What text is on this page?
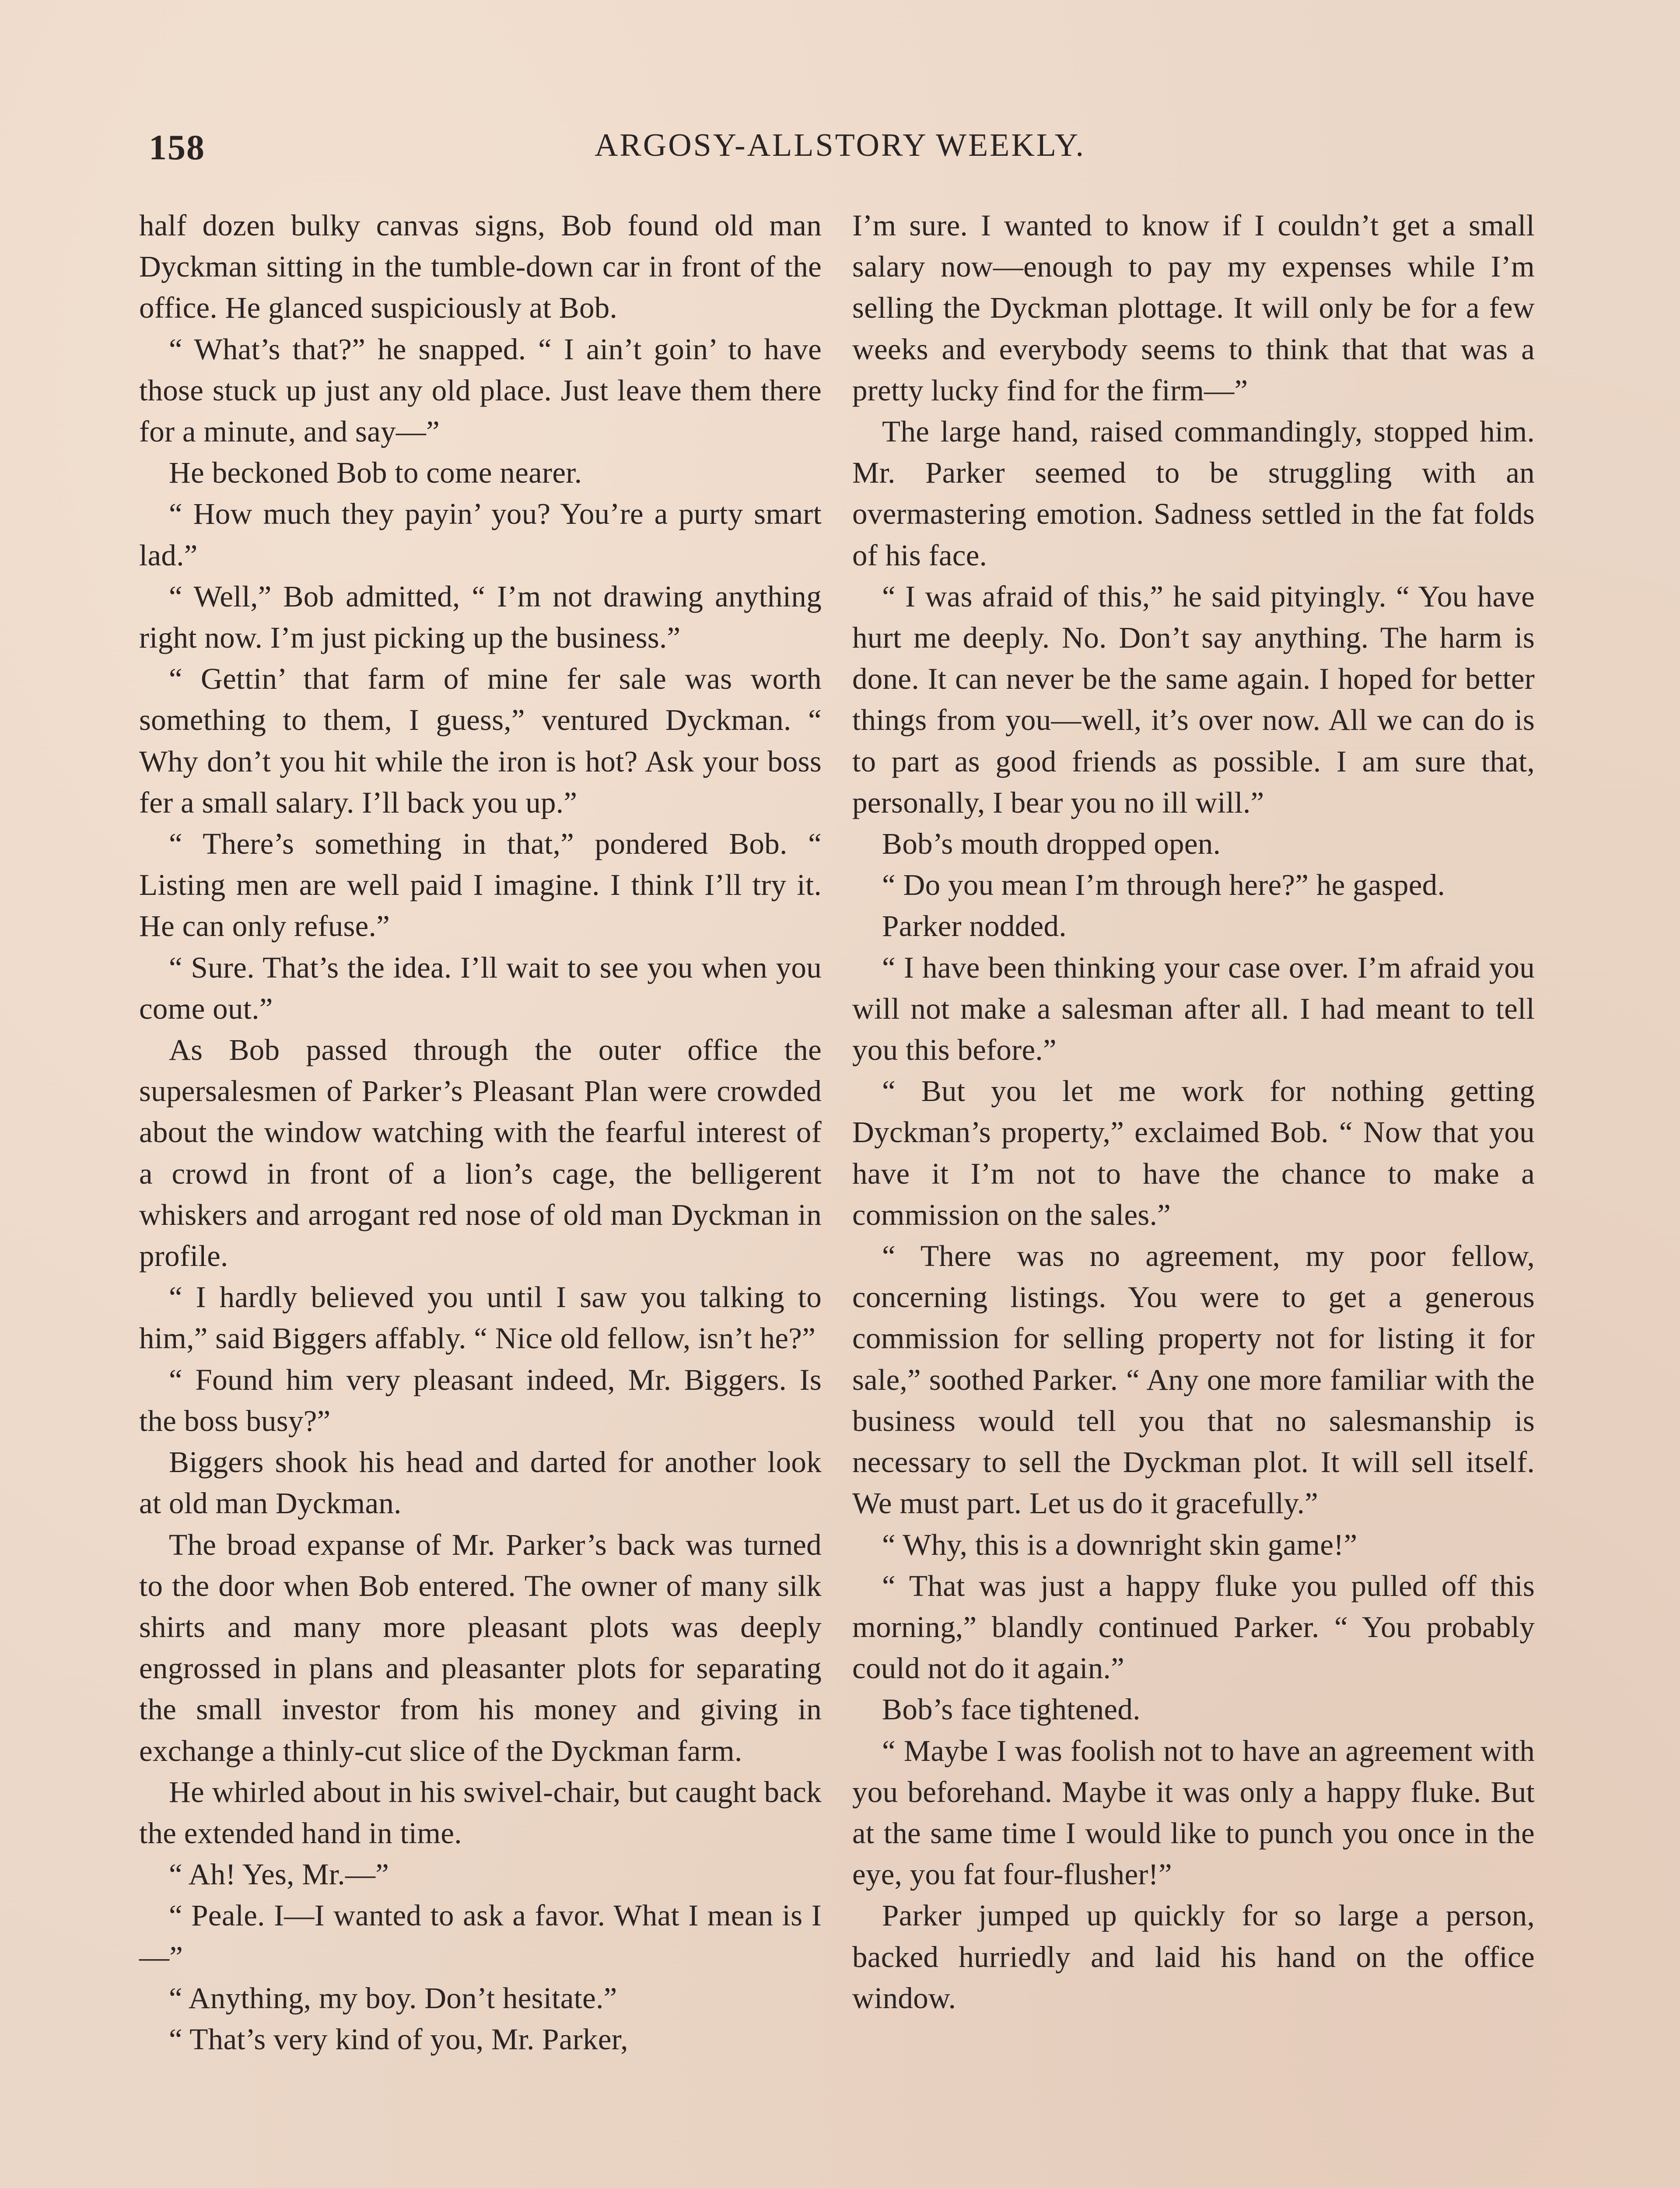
158	ARGOSY-ALLSTORY WEEKLY.

half dozen bulky canvas signs, Bob found old man Dyckman sitting in the tumble-down car in front of the office. He glanced suspiciously at Bob.

“ What’s that?” he snapped. “ I ain’t goin’ to have those stuck up just any old place. Just leave them there for a minute, and say—”

He beckoned Bob to come nearer.

“ How much they payin’ you? You’re a purty smart lad.”

“ Well,” Bob admitted, “ I’m not drawing anything right now. I’m just picking up the business.”

“ Gettin’ that farm of mine fer sale was worth something to them, I guess,” ventured Dyckman. “ Why don’t you hit while the iron is hot? Ask your boss fer a small salary. I’ll back you up.”

“ There’s something in that,” pondered Bob. “ Listing men are well paid I imagine. I think I’ll try it. He can only refuse.”

“ Sure. That’s the idea. I’ll wait to see you when you come out.”

As Bob passed through the outer office the supersalesmen of Parker’s Pleasant Plan were crowded about the window watching with the fearful interest of a crowd in front of a lion’s cage, the belligerent whiskers and arrogant red nose of old man Dyckman in profile.

“ I hardly believed you until I saw you talking to him,” said Biggers affably. “ Nice old fellow, isn’t he?”

“ Found him very pleasant indeed, Mr. Biggers. Is the boss busy?”

Biggers shook his head and darted for another look at old man Dyckman.

The broad expanse of Mr. Parker’s back was turned to the door when Bob entered. The owner of many silk shirts and many more pleasant plots was deeply engrossed in plans and pleasanter plots for separating the small investor from his money and giving in exchange a thinly-cut slice of the Dyckman farm.

He whirled about in his swivel-chair, but caught back the extended hand in time.

“ Ah! Yes, Mr.—”

“ Peale. I—I wanted to ask a favor. What I mean is I—”

“ Anything, my boy. Don’t hesitate.”

“ That’s very kind of you, Mr. Parker,

I’m sure. I wanted to know if I couldn’t get a small salary now—enough to pay my expenses while I’m selling the Dyckman plottage. It will only be for a few weeks and everybody seems to think that that was a pretty lucky find for the firm—”

The large hand, raised commandingly, stopped him. Mr. Parker seemed to be struggling with an overmastering emotion. Sadness settled in the fat folds of his face.

“ I was afraid of this,” he said pityingly. “ You have hurt me deeply. No. Don’t say anything. The harm is done. It can never be the same again. I hoped for better things from you—well, it’s over now. All we can do is to part as good friends as possible. I am sure that, personally, I bear you no ill will.”

Bob’s mouth dropped open.

“ Do you mean I’m through here?” he gasped.

Parker nodded.

“ I have been thinking your case over. I’m afraid you will not make a salesman after all. I had meant to tell you this before.”

“ But you let me work for nothing getting Dyckman’s property,” exclaimed Bob. “ Now that you have it I’m not to have the chance to make a commission on the sales.”

“ There was no agreement, my poor fellow, concerning listings. You were to get a generous commission for selling property not for listing it for sale,” soothed Parker. “ Any one more familiar with the business would tell you that no salesmanship is necessary to sell the Dyckman plot. It will sell itself. We must part. Let us do it gracefully.”

“ Why, this is a downright skin game!”

“ That was just a happy fluke you pulled off this morning,” blandly continued Parker. “ You probably could not do it again.”

Bob’s face tightened.

“ Maybe I was foolish not to have an agreement with you beforehand. Maybe it was only a happy fluke. But at the same time I would like to punch you once in the eye, you fat four-flusher!”

Parker jumped up quickly for so large a person, backed hurriedly and laid his hand on the office window.
